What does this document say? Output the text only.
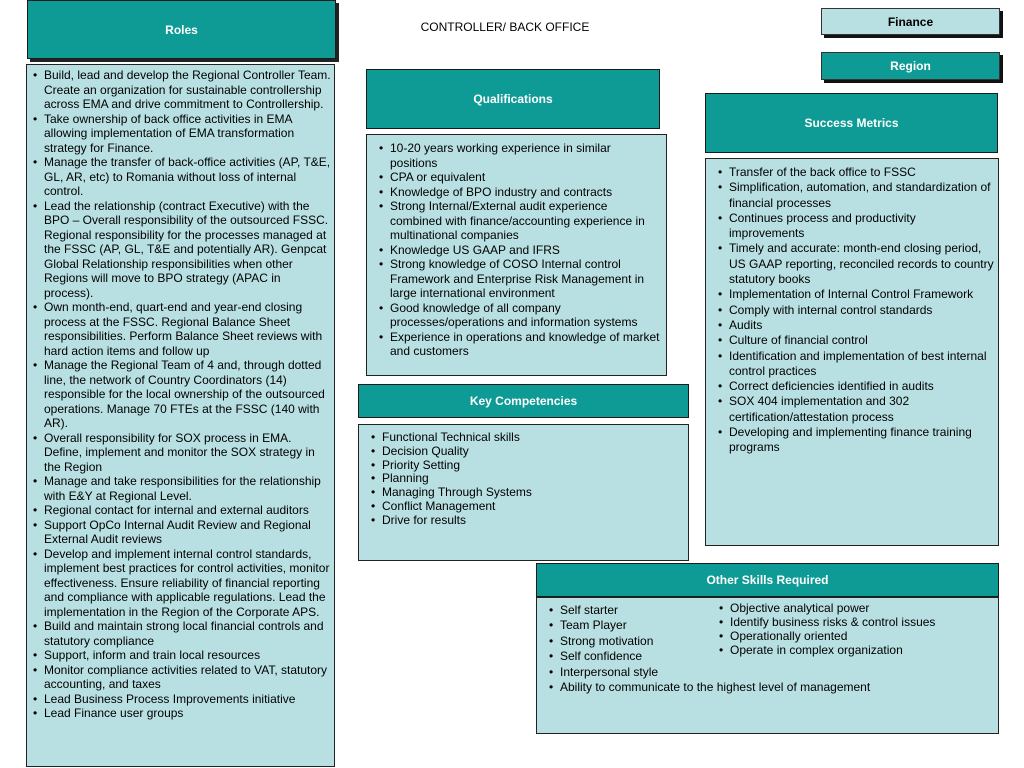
CONTROLLER/ BACK OFFICE	Finance
Region
Roles
• Build, lead and develop the Regional Controller Team. Create an organization for sustainable controllership across EMA and drive commitment to Controllership.
• Take ownership of back office activities in EMA allowing implementation of EMA transformation strategy for Finance.
• Manage the transfer of back-office activities (AP, T&E, GL, AR, etc) to Romania without loss of internal control.
• Lead the relationship (contract Executive) with the BPO – Overall responsibility of the outsourced FSSC. Regional responsibility for the processes managed at the FSSC (AP, GL, T&E and potentially AR). Genpcat Global Relationship responsibilities when other Regions will move to BPO strategy (APAC in process).
• Own month-end, quart-end and year-end closing process at the FSSC. Regional Balance Sheet responsibilities. Perform Balance Sheet reviews with hard action items and follow up
• Manage the Regional Team of 4 and, through dotted line, the network of Country Coordinators (14) responsible for the local ownership of the outsourced operations. Manage 70 FTEs at the FSSC (140 with AR).
• Overall responsibility for SOX process in EMA. Define, implement and monitor the SOX strategy in the Region
• Manage and take responsibilities for the relationship with E&Y at Regional Level.
• Regional contact for internal and external auditors
• Support OpCo Internal Audit Review and Regional External Audit reviews
• Develop and implement internal control standards, implement best practices for control activities, monitor effectiveness. Ensure reliability of financial reporting and compliance with applicable regulations. Lead the implementation in the Region of the Corporate APS.
• Build and maintain strong local financial controls and statutory compliance
• Support, inform and train local resources
• Monitor compliance activities related to VAT, statutory accounting, and taxes
• Lead Business Process Improvements initiative
• Lead Finance user groups
Qualifications
• 10-20 years working experience in similar positions
• CPA or equivalent
• Knowledge of BPO industry and contracts
• Strong Internal/External audit experience combined with finance/accounting experience in multinational companies
• Knowledge US GAAP and IFRS
• Strong knowledge of COSO Internal control Framework and Enterprise Risk Management in large international environment
• Good knowledge of all company processes/operations and information systems
• Experience in operations and knowledge of market and customers
Key Competencies
• Functional Technical skills
• Decision Quality
• Priority Setting
• Planning
• Managing Through Systems
• Conflict Management
• Drive for results
Success Metrics
• Transfer of the back office to FSSC
• Simplification, automation, and standardization of financial processes
• Continues process and productivity improvements
• Timely and accurate: month-end closing period, US GAAP reporting, reconciled records to country statutory books
• Implementation of Internal Control Framework
• Comply with internal control standards
• Audits
• Culture of financial control
• Identification and implementation of best internal control practices
• Correct deficiencies identified in audits
• SOX 404 implementation and 302 certification/attestation process
• Developing and implementing finance training programs
Other Skills Required
• Self starter
• Team Player
• Strong motivation
• Self confidence
• Interpersonal style
• Ability to communicate to the highest level of management
• Objective analytical power
• Identify business risks & control issues
• Operationally oriented
• Operate in complex organization
